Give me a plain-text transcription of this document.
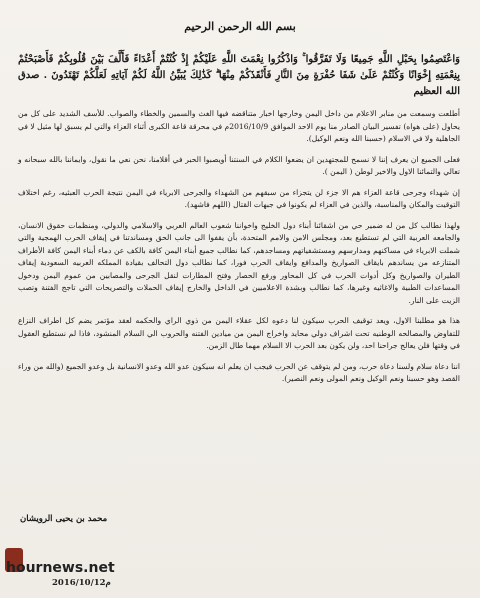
بسم الله الرحمن الرحيم

وَاعْتَصِمُوا بِحَبْلِ اللَّهِ جَمِيعًا وَلَا تَفَرَّقُوا ۚ وَاذْكُرُوا نِعْمَتَ اللَّهِ عَلَيْكُمْ إِذْ كُنْتُمْ أَعْدَاءً فَأَلَّفَ بَيْنَ قُلُوبِكُمْ فَأَصْبَحْتُمْ بِنِعْمَتِهِ إِخْوَانًا وَكُنْتُمْ عَلَىٰ شَفَا حُفْرَةٍ مِنَ النَّارِ فَأَنْقَذَكُمْ مِنْهَا ۗ كَذَٰلِكَ يُبَيِّنُ اللَّهُ لَكُمْ آيَاتِهِ لَعَلَّكُمْ تَهْتَدُونَ . صدق الله العظيم

أطلعت وسمعت من منابر الاعلام من داخل اليمن وخارجها اخبار متناقضه فيها الغث والسمين والخطاء والصواب. للأسف الشديد على كل من يحاول (على هواه) تفسير البيان الصادر منا يوم الاحد الموافق 2016/10/9م في محرقة قاعة الكبرى أثناء العزاء والتي لم يسبق لها مثيل لا في الجاهلية ولا في الاسلام (حسبنا الله ونعم الوكيل).

فعلى الجميع ان يعرف إننا لا نسمح للمجتهدين ان يضعوا الكلام في السنتنا أويصبوا الحبر في أقلامنا، نحن نعي ما نقول، وايماننا بالله سبحانه و تعالي والتمائنا الاول والاخير لوطن ( اليمن ).

إن شهداء وجرحى قاعة العزاء هم الا جزء لن يتجزاء من سبقهم من الشهداء والجرحى الابرياء في اليمن نتيجة الحرب العبثيه، رغم اختلاف التوقيت والمكان والمناسبة، والذين في العزاء لم يكونوا في جبهات القتال (اللهم فاشهد).

ولهذا نطالب كل من له ضمير حي من اشقائنا أبناء دول الخليج واخواننا شعوب العالم العربي والاسلامي والدولي، ومنظمات حقوق الانسان، والجامعه العربية التي لم تستطيع بعد، ومجلس الامن والامم المتحدة، بأن يقفوا الى جانب الحق ومساندتنا في إيقاف الحرب الهمجية والتي شملت الابرياء في مساكنهم ومدارسهم ومستشفياتهم ومساجدهم، كما نطالب جميع أبناء اليمن كافة بالكف عن دماء أبناء اليمن كافة الأطراف المتنازعه من يساندهم بايقاف الصواريخ والمدافع وايقاف الحرب فورا، كما نطالب دول التحالف بقيادة المملكه العربيه السعودية إيقاف الطيران والصواريخ وكل أدوات الحرب في كل المحاور ورفع الحصار وفتح المطارات لنقل الجرحى والمصابين من عموم اليمن ودخول المساعدات الطبية والاغاثيه وغيرها، كما نطالب وبشدة الاعلاميين في الداخل والخارج إيقاف الحملات والتصريحات التي تاجج الفتنة وتصب الزيت على النار.

هذا هو مطلبنا الاول، ويعد توقيف الحرب سيكون لنا دعوه لكل عقلاء اليمن من ذوي الراي والحكمه لعقد مؤتمر يضم كل اطراف النزاع للتفاوض والمصالحه الوطنيه تحت اشراف دولي محايد واخراج اليمن من ميادين الفتنه والحروب الي السلام المنشود، فاذا لم نستطيع العقول في وقتها فلن يعالج جراحنا احد، ولن يكون بعد الحرب الا السلام مهما طال الزمن.

اننا دعاة سلام ولسنا دعاة حرب، ومن لم يتوقف عن الحرب فيجب ان يعلم انه سيكون عدو الله وعدو الانسانية بل وعدو الجميع (والله من وراء القصد وهو حسبنا ونعم الوكيل ونعم المولى ونعم النصير).

محمد بن يحيى الرويشان
2016/10/12م
hournews.net
